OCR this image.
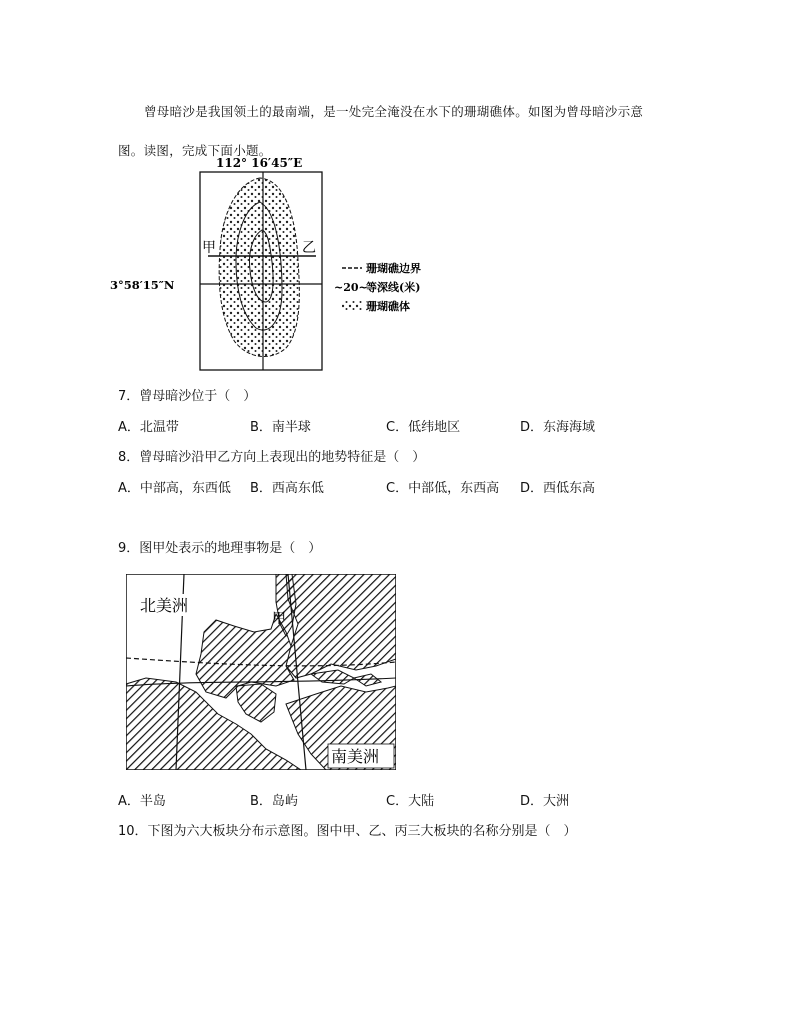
曾母暗沙是我国领土的最南端，是一处完全淹没在水下的珊瑚礁体。如图为曾母暗沙示意
图。读图，完成下面小题。
112° 16′45″E
3°58′15″N
甲	乙
珊瑚礁边界
~20~
等深线(米)
珊瑚礁体
7．曾母暗沙位于（　）
A．北温带	B．南半球	C．低纬地区	D．东海海域
8．曾母暗沙沿甲乙方向上表现出的地势特征是（　）
A．中部高，东西低 B．西高东低	C．中部低，东西高 D．西低东高
9．图甲处表示的地理事物是（　）
北美洲
甲
南美洲
A．半岛	B．岛屿	C．大陆	D．大洲
10．下图为六大板块分布示意图。图中甲、乙、丙三大板块的名称分别是（　）
